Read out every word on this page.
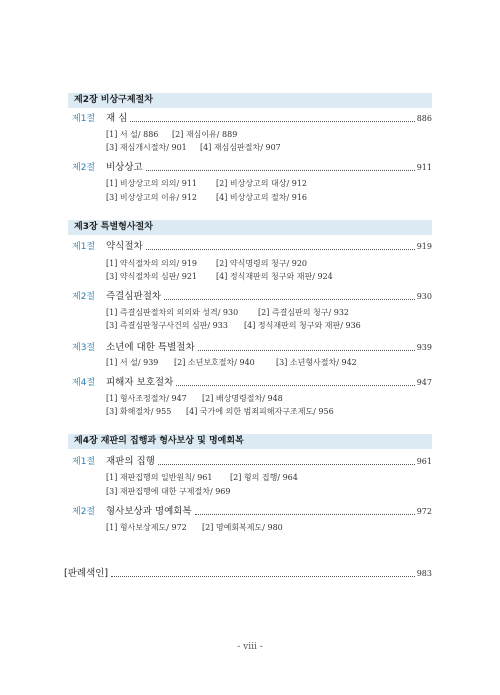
제2장 비상구제절차
제1절	재 심	886
[1] 서 설/ 886 [2] 재심이유/ 889
[3] 재심개시절차/ 901 [4] 재심심판절차/ 907
제2절	비상상고	911
[1] 비상상고의 의의/ 911 [2] 비상상고의 대상/ 912
[3] 비상상고의 이유/ 912 [4] 비상상고의 절차/ 916
제3장 특별형사절차
제1절	약식절차	919
[1] 약식절차의 의의/ 919 [2] 약식명령의 청구/ 920
[3] 약식절차의 심판/ 921 [4] 정식재판의 청구와 재판/ 924
제2절	즉결심판절차	930
[1] 즉결심판절차의 의의와 성격/ 930 [2] 즉결심판의 청구/ 932
[3] 즉결심판청구사건의 심판/ 933 [4] 정식재판의 청구와 재판/ 936
제3절	소년에 대한 특별절차	939
[1] 서 설/ 939 [2] 소년보호절차/ 940	[3] 소년형사절차/ 942
제4절	피해자 보호절차	947
[1] 형사조정절차/ 947 [2] 배상명령절차/ 948
[3] 화해절차/ 955 [4] 국가에 의한 범죄피해자구조제도/ 956
제4장 재판의 집행과 형사보상 및 명예회복
제1절	재판의 집행	961
[1] 재판집행의 일반원칙/ 961 [2] 형의 집행/ 964
[3] 재판집행에 대한 구제절차/ 969
제2절	형사보상과 명예회복	972
[1] 형사보상제도/ 972 [2] 명예회복제도/ 980
[판례색인]	983
- viii -
